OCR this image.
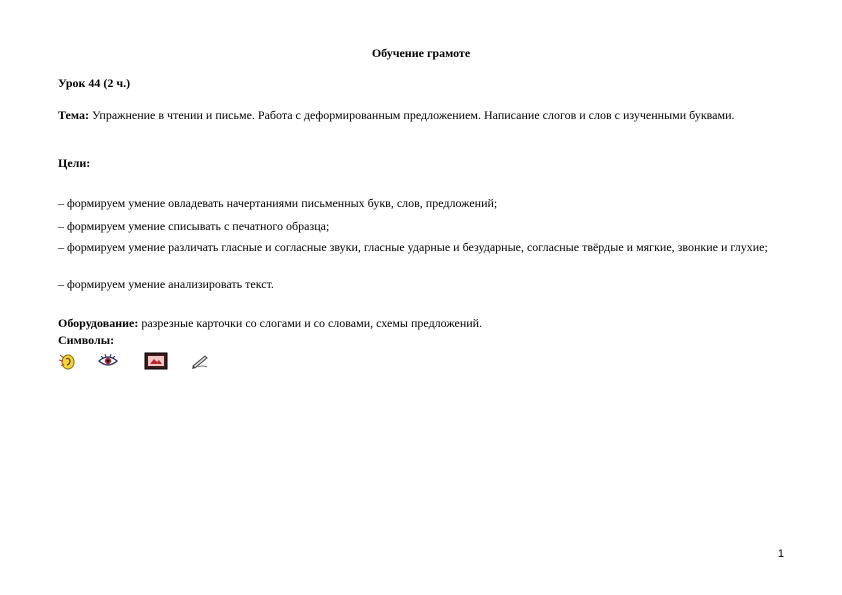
Обучение грамоте
Урок 44 (2 ч.)
Тема: Упражнение в чтении и письме. Работа с деформированным предложением. Написание слогов и слов с изученными буквами.
Цели:
– формируем умение овладевать начертаниями письменных букв, слов, предложений;
– формируем умение списывать с печатного образца;
– формируем умение различать гласные и согласные звуки, гласные ударные и безударные, согласные твёрдые и мягкие, звонкие и глухие;
– формируем умение анализировать текст.
Оборудование: разрезные карточки со слогами и со словами, схемы предложений.
Символы:
1
